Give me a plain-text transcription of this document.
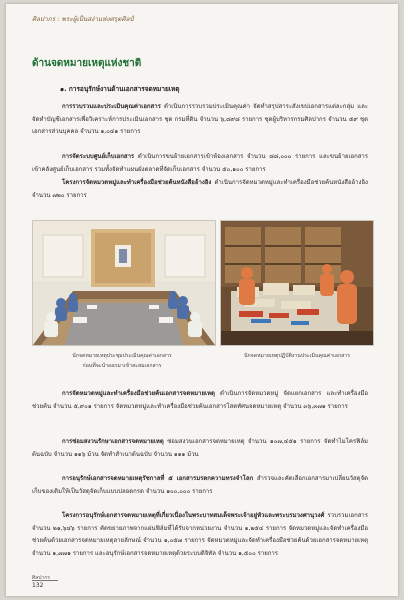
ศิลปากร : พระผู้เป็นสง่าแห่งศรุตศิลป์
ด้านจดหมายเหตุแห่งชาติ
๑. การอนุรักษ์งานด้านเอกสารจดหมายเหตุ
การรวบรวมและประเมินคุณค่าเอกสาร ดำเนินการรวบรวมประเมินคุณค่า จัดทำสรุปสาระสังเขปเอกสารแต่ละกลุ่ม และจัดทำบัญชีเอกสารเพื่อวิเคราะห์การประเมินเอกสาร ชุด กรมที่ดิน จำนวน ๖,๘๙๘ รายการ ชุดผู้บริหารกรมศิลปากร จำนวน ๕๙ ชุด เอกสารส่วนบุคคล จำนวน ๑,๐๔๑ รายการ
การจัดระบบศูนย์เก็บเอกสาร ดำเนินการขนย้ายเอกสารเข้าห้องเอกสาร จำนวน ๘๘,๐๐๐ รายการ และขนย้ายเอกสารเข้าคลังศูนย์เก็บเอกสาร รวมทั้งจัดทำแผนผังตลาดที่จัดเก็บเอกสาร จำนวน ๕๐,๑๐๐ รายการ
โครงการจัดหมวดหมู่และทำเครื่องมือช่วยค้นหนังสืออ้างอิง ดำเนินการจัดหมวดหมู่และทำเครื่องมือช่วยค้นหนังสืออ้างอิง จำนวน ๗๒๐ รายการ
นักจดหมายเหตุประชุมประเมินคุณค่าเอกสาร
ก่อนที่จะนำออกมาเข้าสะสมเอกสาร
นักจดหมายเหตุปฏิบัติงานประเมินคุณค่าเอกสาร
การจัดหมวดหมู่และทำเครื่องมือช่วยค้นเอกสารจดหมายเหตุ ดำเนินการจัดหมวดหมู่ จัดแยกเอกสาร และทำเครื่องมือช่วยค้น จำนวน ๕,๙๐๑ รายการ จัดหมวดหมู่และทำเครื่องมือช่วยค้นเอกสารโสตทัศนจดหมายเหตุ จำนวน ๓๖,๓๗๑ รายการ
การซ่อมสงวนรักษาเอกสารจดหมายเหตุ ซ่อมสงวนเอกสารจดหมายเหตุ จำนวน ๑๐๗,๔๕๑ รายการ จัดทำไมโครฟิล์มต้นฉบับ จำนวน ๑๑๖ ม้วน จัดทำสำเนาต้นฉบับ จำนวน ๑๑๑ ม้วน
การอนุรักษ์เอกสารจดหมายเหตุรัชกาลที่ ๕ เอกสารมรดกความทรงจำโลก สำรวจและคัดเลือกเอกสารมาเปลี่ยนวัสดุจัดเก็บของเดิมให้เป็นวัสดุจัดเก็บแบบปลอดกรด จำนวน ๑๐๐,๐๐๐ รายการ
โครงการอนุรักษ์เอกสารจดหมายเหตุที่เกี่ยวเนื่องในพระบาทสมเด็จพระเจ้าอยู่หัวและพระบรมวงศานุวงศ์ รวบรวมเอกสาร จำนวน ๒๑,๖๔๖ รายการ คัดขยายภาพจากแผ่นฟิล์มที่ได้รับจากหน่วยงาน จำนวน ๑,๒๕๔ รายการ จัดหมวดหมู่และจัดทำเครื่องมือช่วยค้นด้วยเอกสารจดหมายเหตุลายลักษณ์ จำนวน ๑,๐๕๗ รายการ จัดหมวดหมู่และจัดทำเครื่องมือช่วยค้นด้วยเอกสารจดหมายเหตุ จำนวน ๑,๗๗๑ รายการ และอนุรักษ์เอกสารจดหมายเหตุด้วยระบบดิจิทัล จำนวน ๑,๕๐๐ รายการ
ศิลปากร
132
